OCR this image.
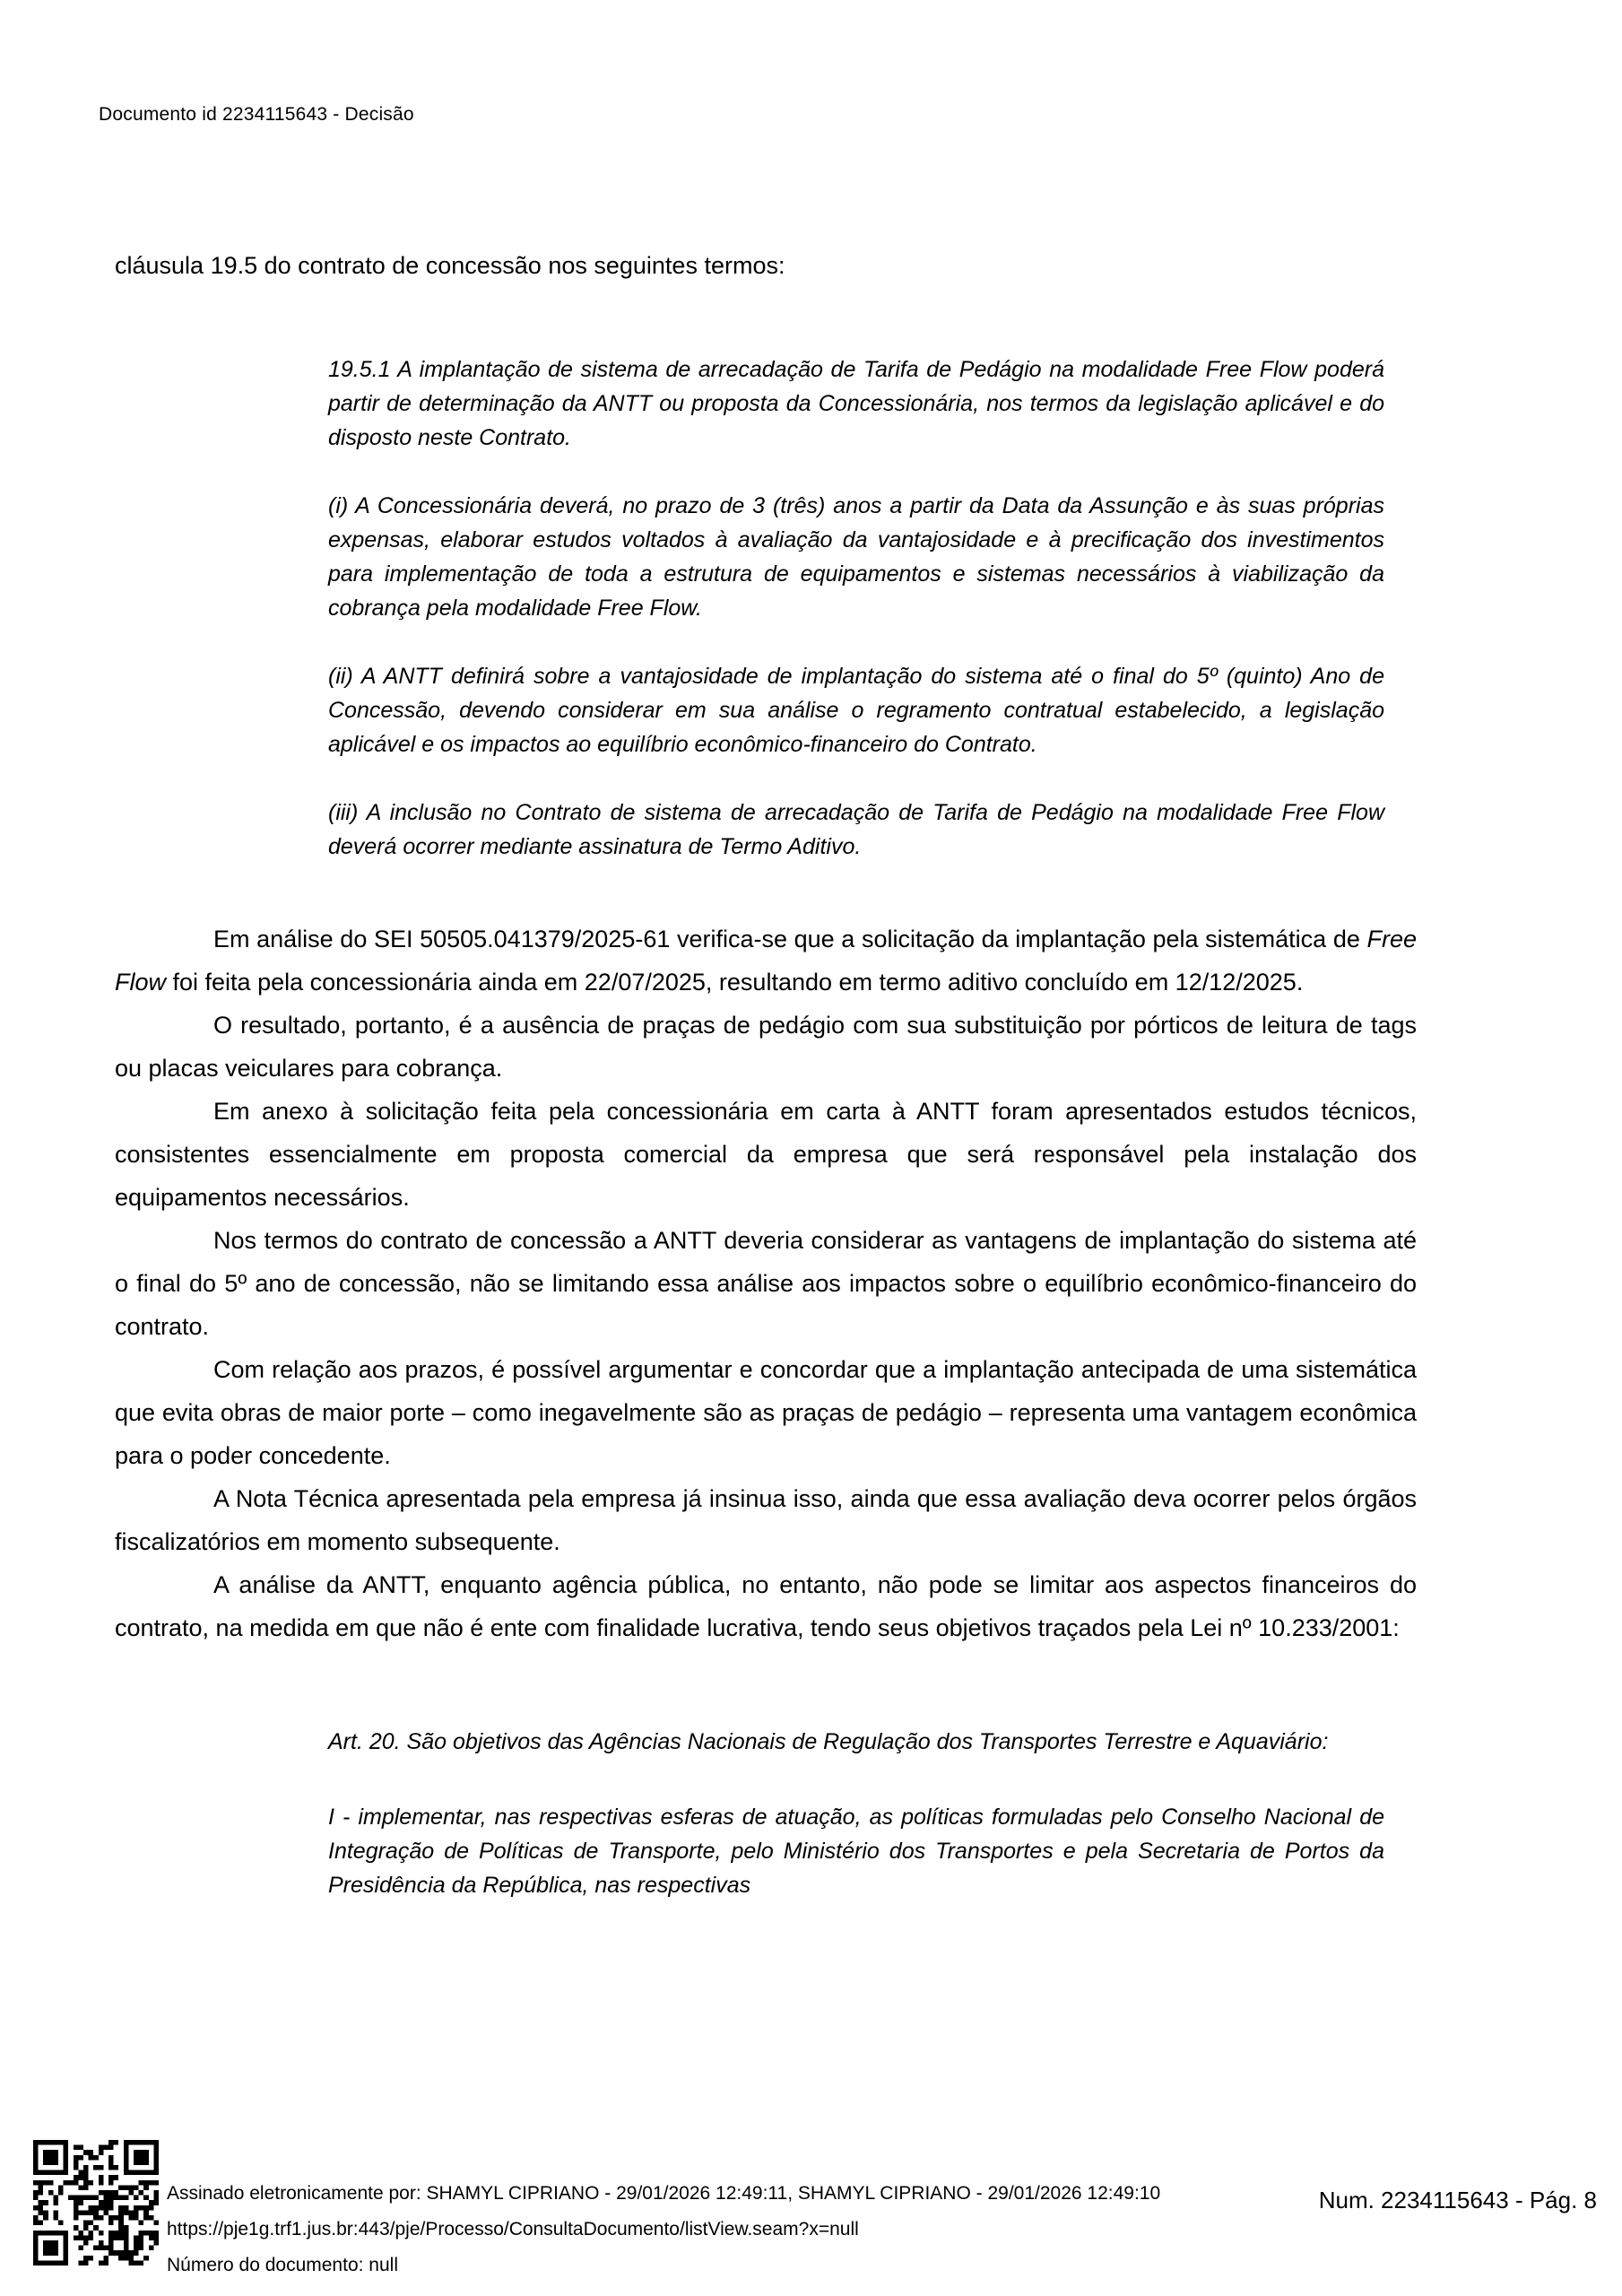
Documento id 2234115643 - Decisão

cláusula 19.5 do contrato de concessão nos seguintes termos:

19.5.1 A implantação de sistema de arrecadação de Tarifa de Pedágio na modalidade Free Flow poderá partir de determinação da ANTT ou proposta da Concessionária, nos termos da legislação aplicável e do disposto neste Contrato.
(i) A Concessionária deverá, no prazo de 3 (três) anos a partir da Data da Assunção e às suas próprias expensas, elaborar estudos voltados à avaliação da vantajosidade e à precificação dos investimentos para implementação de toda a estrutura de equipamentos e sistemas necessários à viabilização da cobrança pela modalidade Free Flow.
(ii) A ANTT definirá sobre a vantajosidade de implantação do sistema até o final do 5º (quinto) Ano de Concessão, devendo considerar em sua análise o regramento contratual estabelecido, a legislação aplicável e os impactos ao equilíbrio econômico-financeiro do Contrato.
(iii) A inclusão no Contrato de sistema de arrecadação de Tarifa de Pedágio na modalidade Free Flow deverá ocorrer mediante assinatura de Termo Aditivo.

Em análise do SEI 50505.041379/2025-61 verifica-se que a solicitação da implantação pela sistemática de Free Flow foi feita pela concessionária ainda em 22/07/2025, resultando em termo aditivo concluído em 12/12/2025.

O resultado, portanto, é a ausência de praças de pedágio com sua substituição por pórticos de leitura de tags ou placas veiculares para cobrança.

Em anexo à solicitação feita pela concessionária em carta à ANTT foram apresentados estudos técnicos, consistentes essencialmente em proposta comercial da empresa que será responsável pela instalação dos equipamentos necessários.

Nos termos do contrato de concessão a ANTT deveria considerar as vantagens de implantação do sistema até o final do 5º ano de concessão, não se limitando essa análise aos impactos sobre o equilíbrio econômico-financeiro do contrato.

Com relação aos prazos, é possível argumentar e concordar que a implantação antecipada de uma sistemática que evita obras de maior porte – como inegavelmente são as praças de pedágio – representa uma vantagem econômica para o poder concedente.

A Nota Técnica apresentada pela empresa já insinua isso, ainda que essa avaliação deva ocorrer pelos órgãos fiscalizatórios em momento subsequente.

A análise da ANTT, enquanto agência pública, no entanto, não pode se limitar aos aspectos financeiros do contrato, na medida em que não é ente com finalidade lucrativa, tendo seus objetivos traçados pela Lei nº 10.233/2001:

Art. 20. São objetivos das Agências Nacionais de Regulação dos Transportes Terrestre e Aquaviário:
I - implementar, nas respectivas esferas de atuação, as políticas formuladas pelo Conselho Nacional de Integração de Políticas de Transporte, pelo Ministério dos Transportes e pela Secretaria de Portos da Presidência da República, nas respectivas
Assinado eletronicamente por: SHAMYL CIPRIANO - 29/01/2026 12:49:11, SHAMYL CIPRIANO - 29/01/2026 12:49:10
https://pje1g.trf1.jus.br:443/pje/Processo/ConsultaDocumento/listView.seam?x=null
Número do documento: null
Num. 2234115643 - Pág. 8
